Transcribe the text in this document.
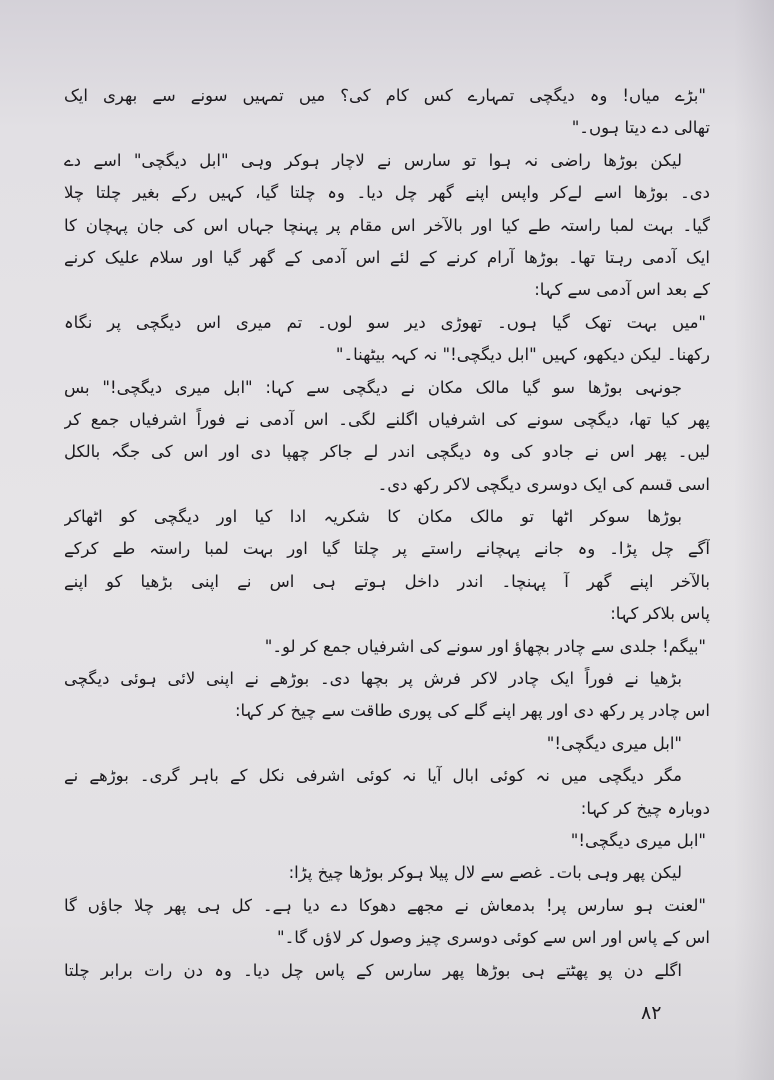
"بڑے میاں! وہ دیگچی تمہارے کس کام کی؟ میں تمہیں سونے سے بھری ایک
تھالی دے دیتا ہوں۔"
لیکن بوڑھا راضی نہ ہوا تو سارس نے لاچار ہوکر وہی "ابل دیگچی" اسے دے
دی۔ بوڑھا اسے لےکر واپس اپنے گھر چل دیا۔ وہ چلتا گیا، کہیں رکے بغیر چلتا چلا
گیا۔ بہت لمبا راستہ طے کیا اور بالآخر اس مقام پر پہنچا جہاں اس کی جان پہچان کا
ایک آدمی رہتا تھا۔ بوڑھا آرام کرنے کے لئے اس آدمی کے گھر گیا اور سلام علیک کرنے
کے بعد اس آدمی سے کہا:
"میں بہت تھک گیا ہوں۔ تھوڑی دیر سو لوں۔ تم میری اس دیگچی پر نگاہ
رکھنا۔ لیکن دیکھو، کہیں "ابل دیگچی!" نہ کہہ بیٹھنا۔"
جونہی بوڑھا سو گیا مالک مکان نے دیگچی سے کہا: "ابل میری دیگچی!" بس
پھر کیا تھا، دیگچی سونے کی اشرفیاں اگلنے لگی۔ اس آدمی نے فوراً اشرفیاں جمع کر
لیں۔ پھر اس نے جادو کی وہ دیگچی اندر لے جاکر چھپا دی اور اس کی جگہ بالکل
اسی قسم کی ایک دوسری دیگچی لاکر رکھ دی۔
بوڑھا سوکر اٹھا تو مالک مکان کا شکریہ ادا کیا اور دیگچی کو اٹھاکر
آگے چل پڑا۔ وہ جانے پہچانے راستے پر چلتا گیا اور بہت لمبا راستہ طے کرکے
بالآخر اپنے گھر آ پہنچا۔ اندر داخل ہوتے ہی اس نے اپنی بڑھیا کو اپنے
پاس بلاکر کہا:
"بیگم! جلدی سے چادر بچھاؤ اور سونے کی اشرفیاں جمع کر لو۔"
بڑھیا نے فوراً ایک چادر لاکر فرش پر بچھا دی۔ بوڑھے نے اپنی لائی ہوئی دیگچی
اس چادر پر رکھ دی اور پھر اپنے گلے کی پوری طاقت سے چیخ کر کہا:
"ابل میری دیگچی!"
مگر دیگچی میں نہ کوئی ابال آیا نہ کوئی اشرفی نکل کے باہر گری۔ بوڑھے نے
دوبارہ چیخ کر کہا:
"ابل میری دیگچی!"
لیکن پھر وہی بات۔ غصے سے لال پیلا ہوکر بوڑھا چیخ پڑا:
"لعنت ہو سارس پر! بدمعاش نے مجھے دھوکا دے دیا ہے۔ کل ہی پھر چلا جاؤں گا
اس کے پاس اور اس سے کوئی دوسری چیز وصول کر لاؤں گا۔"
اگلے دن پو پھٹتے ہی بوڑھا پھر سارس کے پاس چل دیا۔ وہ دن رات برابر چلتا
۸۲
